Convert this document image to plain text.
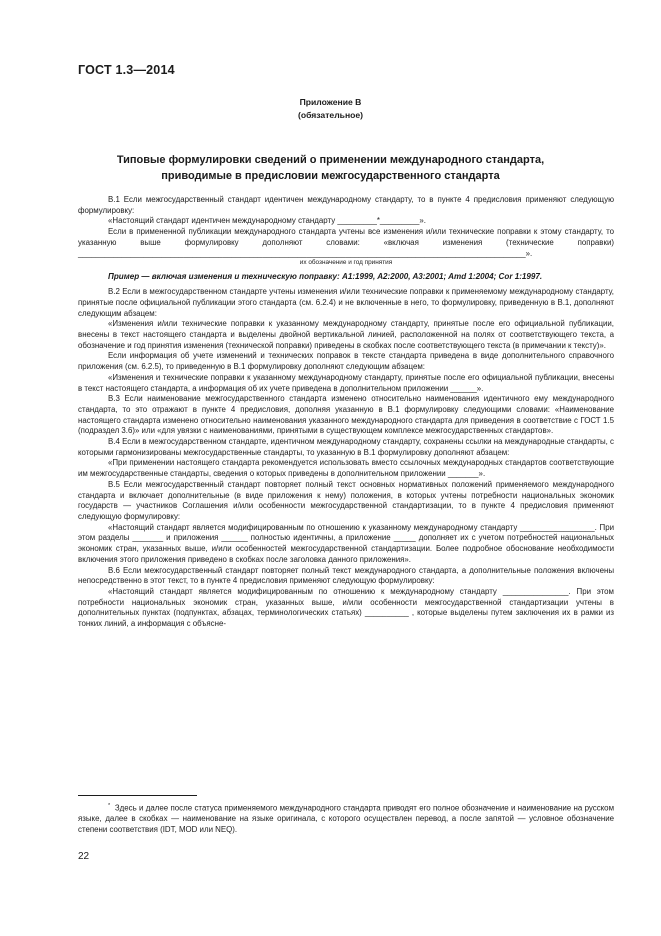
ГОСТ 1.3—2014
Приложение В
(обязательное)
Типовые формулировки сведений о применении международного стандарта,
приводимые в предисловии межгосударственного стандарта

В.1 Если межгосударственный стандарт идентичен международному стандарту, то в пункте 4 предисловия применяют следующую формулировку:

«Настоящий стандарт идентичен международному стандарту _________*_________».

Если в примененной публикации международного стандарта учтены все изменения и/или технические поправки к этому стандарту, то указанную выше формулировку дополняют словами: «включая изменения (технические поправки) ______________________________________________________________________________________________________».

их обозначение и год принятия

Пример — включая изменения и техническую поправку: A1:1999, A2:2000, A3:2001; Amd 1:2004; Cor 1:1997.

В.2 Если в межгосударственном стандарте учтены изменения и/или технические поправки к применяемому международному стандарту, принятые после официальной публикации этого стандарта (см. 6.2.4) и не включенные в него, то формулировку, приведенную в В.1, дополняют следующим абзацем:

«Изменения и/или технические поправки к указанному международному стандарту, принятые после его официальной публикации, внесены в текст настоящего стандарта и выделены двойной вертикальной линией, расположенной на полях от соответствующего текста, а обозначение и год принятия изменения (технической поправки) приведены в скобках после соответствующего текста (в примечании к тексту)».

Если информация об учете изменений и технических поправок в тексте стандарта приведена в виде дополнительного справочного приложения (см. 6.2.5), то приведенную в В.1 формулировку дополняют следующим абзацем:

«Изменения и технические поправки к указанному международному стандарту, принятые после его официальной публикации, внесены в текст настоящего стандарта, а информация об их учете приведена в дополнительном приложении ______».

В.3 Если наименование межгосударственного стандарта изменено относительно наименования идентичного ему международного стандарта, то это отражают в пункте 4 предисловия, дополняя указанную в В.1 формулировку следующими словами: «Наименование настоящего стандарта изменено относительно наименования указанного международного стандарта для приведения в соответствие с ГОСТ 1.5 (подраздел 3.6)» или «для увязки с наименованиями, принятыми в существующем комплексе межгосударственных стандартов».

В.4 Если в межгосударственном стандарте, идентичном международному стандарту, сохранены ссылки на международные стандарты, с которыми гармонизированы межгосударственные стандарты, то указанную в В.1 формулировку дополняют абзацем:

«При применении настоящего стандарта рекомендуется использовать вместо ссылочных международных стандартов соответствующие им межгосударственные стандарты, сведения о которых приведены в дополнительном приложении _______».

В.5 Если межгосударственный стандарт повторяет полный текст основных нормативных положений применяемого международного стандарта и включает дополнительные (в виде приложения к нему) положения, в которых учтены потребности национальных экономик государств — участников Соглашения и/или особенности межгосударственной стандартизации, то в пункте 4 предисловия применяют следующую формулировку:

«Настоящий стандарт является модифицированным по отношению к указанному международному стандарту _________________. При этом разделы _______ и приложения ______ полностью идентичны, а приложение _____ дополняет их с учетом потребностей национальных экономик стран, указанных выше, и/или особенностей межгосударственной стандартизации. Более подробное обоснование необходимости включения этого приложения приведено в скобках после заголовка данного приложения».

В.6 Если межгосударственный стандарт повторяет полный текст международного стандарта, а дополнительные положения включены непосредственно в этот текст, то в пункте 4 предисловия применяют следующую формулировку:

«Настоящий стандарт является модифицированным по отношению к международному стандарту _______________. При этом потребности национальных экономик стран, указанных выше, и/или особенности межгосударственной стандартизации учтены в дополнительных пунктах (подпунктах, абзацах, терминологических статьях) __________ , которые выделены путем заключения их в рамки из тонких линий, а информация с объясне-

* Здесь и далее после статуса применяемого международного стандарта приводят его полное обозначение и наименование на русском языке, далее в скобках — наименование на языке оригинала, с которого осуществлен перевод, а после запятой — условное обозначение степени соответствия (IDT, MOD или NEQ).

22
